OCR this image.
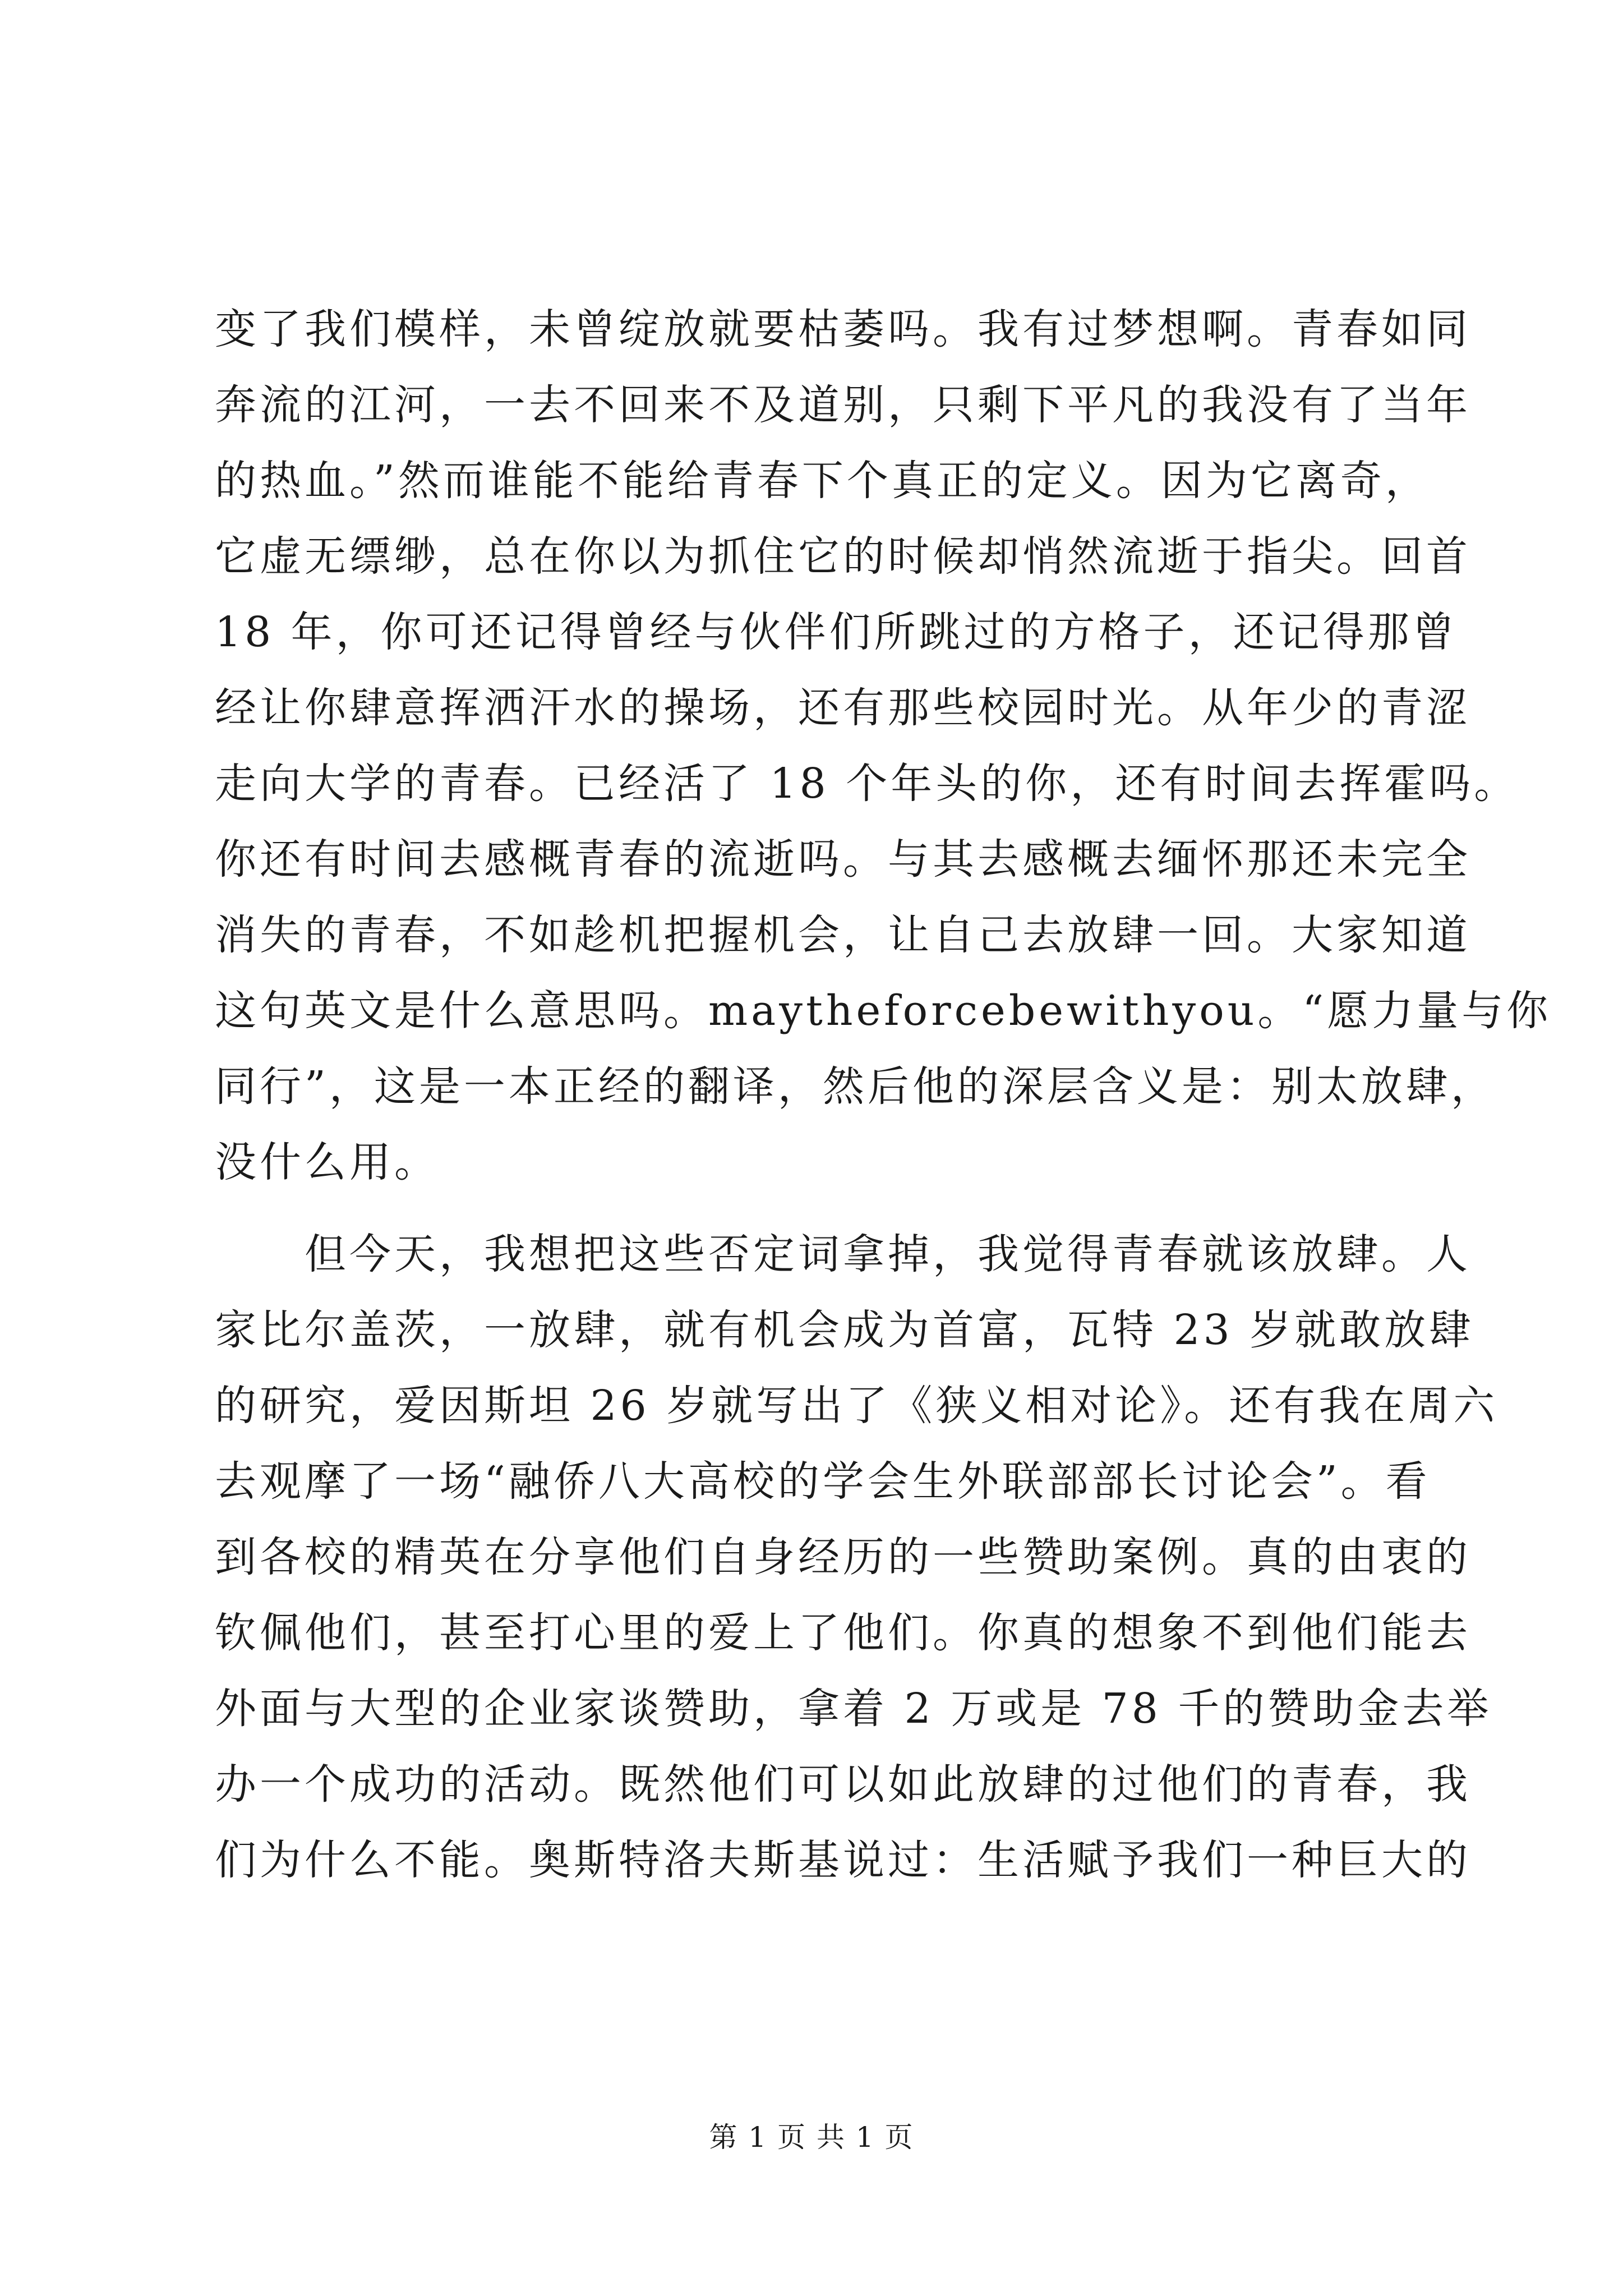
变了我们模样，未曾绽放就要枯萎吗。我有过梦想啊。青春如同
奔流的江河，一去不回来不及道别，只剩下平凡的我没有了当年
的热血。”然而谁能不能给青春下个真正的定义。因为它离奇，
它虚无缥缈，总在你以为抓住它的时候却悄然流逝于指尖。回首
18 年，你可还记得曾经与伙伴们所跳过的方格子，还记得那曾
经让你肆意挥洒汗水的操场，还有那些校园时光。从年少的青涩
走向大学的青春。已经活了 18 个年头的你，还有时间去挥霍吗。
你还有时间去感概青春的流逝吗。与其去感概去缅怀那还未完全
消失的青春，不如趁机把握机会，让自己去放肆一回。大家知道
这句英文是什么意思吗。maytheforcebewithyou。“愿力量与你
同行”，这是一本正经的翻译，然后他的深层含义是：别太放肆，
没什么用。
　　但今天，我想把这些否定词拿掉，我觉得青春就该放肆。人
家比尔盖茨，一放肆，就有机会成为首富，瓦特 23 岁就敢放肆
的研究，爱因斯坦 26 岁就写出了《狭义相对论》。还有我在周六
去观摩了一场“融侨八大高校的学会生外联部部长讨论会”。看
到各校的精英在分享他们自身经历的一些赞助案例。真的由衷的
钦佩他们，甚至打心里的爱上了他们。你真的想象不到他们能去
外面与大型的企业家谈赞助，拿着 2 万或是 78 千的赞助金去举
办一个成功的活动。既然他们可以如此放肆的过他们的青春，我
们为什么不能。奥斯特洛夫斯基说过：生活赋予我们一种巨大的
第 1 页 共 1 页
